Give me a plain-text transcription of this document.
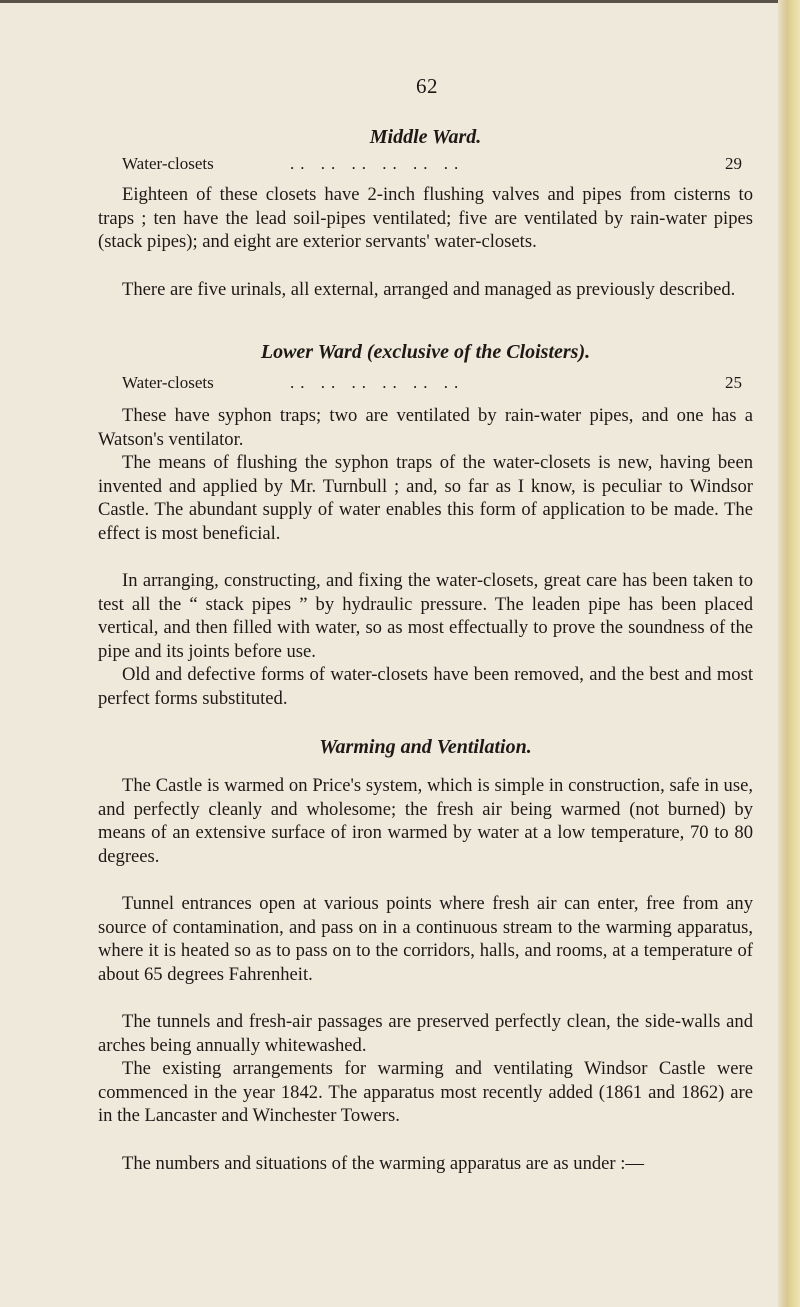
62
Middle Ward.
Water-closets	.. .. .. .. .. ..	29

Eighteen of these closets have 2-inch flushing valves and pipes from cisterns to traps ; ten have the lead soil-pipes ventilated; five are ventilated by rain-water pipes (stack pipes); and eight are exterior servants' water-closets.

There are five urinals, all external, arranged and managed as previously described.

Lower Ward (exclusive of the Cloisters).
Water-closets	.. .. .. .. .. ..	25

These have syphon traps; two are ventilated by rain-water pipes, and one has a Watson's ventilator.

The means of flushing the syphon traps of the water-closets is new, having been invented and applied by Mr. Turnbull ; and, so far as I know, is peculiar to Windsor Castle. The abundant supply of water enables this form of application to be made. The effect is most beneficial.

In arranging, constructing, and fixing the water-closets, great care has been taken to test all the “ stack pipes ” by hydraulic pressure. The leaden pipe has been placed vertical, and then filled with water, so as most effectually to prove the soundness of the pipe and its joints before use.

Old and defective forms of water-closets have been removed, and the best and most perfect forms substituted.

Warming and Ventilation.

The Castle is warmed on Price's system, which is simple in construction, safe in use, and perfectly cleanly and wholesome; the fresh air being warmed (not burned) by means of an extensive surface of iron warmed by water at a low temperature, 70 to 80 degrees.

Tunnel entrances open at various points where fresh air can enter, free from any source of contamination, and pass on in a continuous stream to the warming apparatus, where it is heated so as to pass on to the corridors, halls, and rooms, at a temperature of about 65 degrees Fahrenheit.

The tunnels and fresh-air passages are preserved perfectly clean, the side-walls and arches being annually whitewashed.

The existing arrangements for warming and ventilating Windsor Castle were commenced in the year 1842. The apparatus most recently added (1861 and 1862) are in the Lancaster and Winchester Towers.

The numbers and situations of the warming apparatus are as under :—
